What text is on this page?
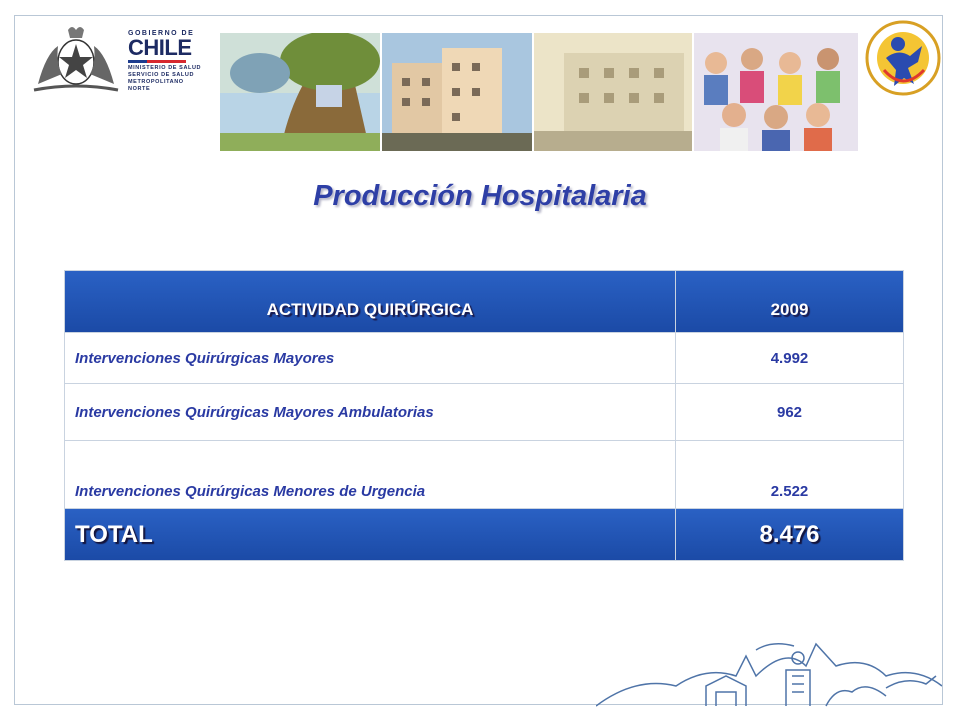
GOBIERNO DE
CHILE
MINISTERIO DE SALUD
SERVICIO DE SALUD
METROPOLITANO NORTE
Producción Hospitalaria
ACTIVIDAD QUIRÚRGICA	2009
Intervenciones Quirúrgicas Mayores	4.992
Intervenciones Quirúrgicas Mayores Ambulatorias	962
Intervenciones Quirúrgicas Menores de Urgencia	2.522
TOTAL	8.476
